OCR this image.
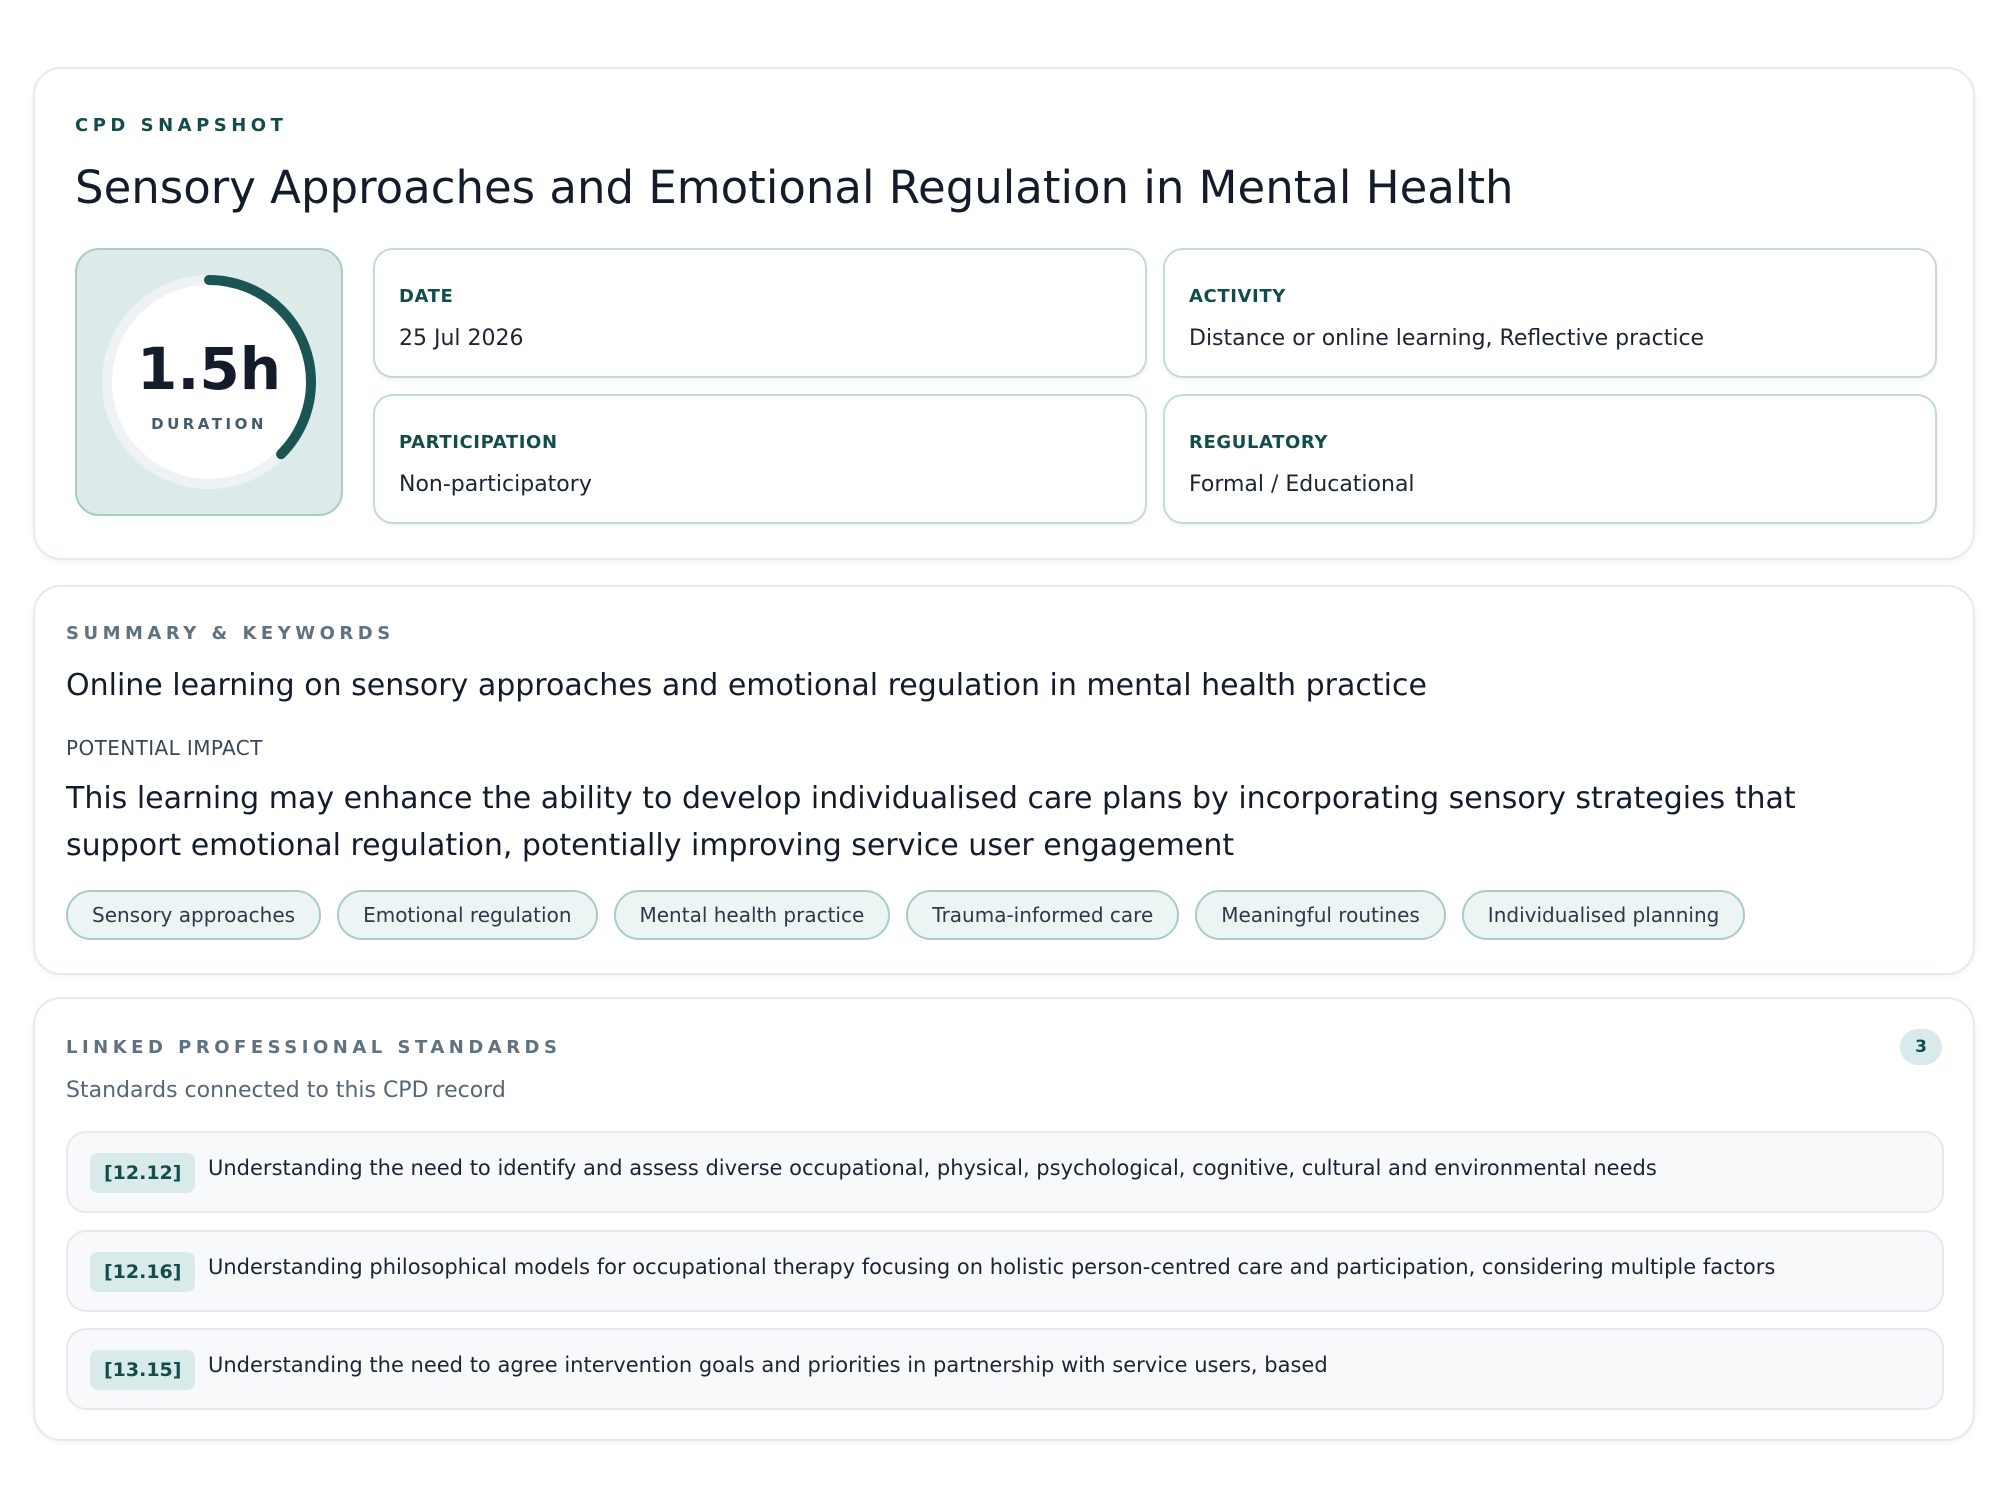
CPD SNAPSHOT
Sensory Approaches and Emotional Regulation in Mental Health
1.5h
DURATION
DATE
25 Jul 2026
ACTIVITY
Distance or online learning, Reflective practice
PARTICIPATION
Non-participatory
REGULATORY
Formal / Educational
SUMMARY & KEYWORDS

Online learning on sensory approaches and emotional regulation in mental health practice

POTENTIAL IMPACT

This learning may enhance the ability to develop individualised care plans by incorporating sensory strategies that support emotional regulation, potentially improving service user engagement

Sensory approaches	Emotional regulation	Mental health practice	Trauma-informed care	Meaningful routines	Individualised planning
LINKED PROFESSIONAL STANDARDS	3
Standards connected to this CPD record
[12.12]	Understanding the need to identify and assess diverse occupational, physical, psychological, cognitive, cultural and environmental needs
[12.16]	Understanding philosophical models for occupational therapy focusing on holistic person-centred care and participation, considering multiple factors
[13.15]	Understanding the need to agree intervention goals and priorities in partnership with service users, based
